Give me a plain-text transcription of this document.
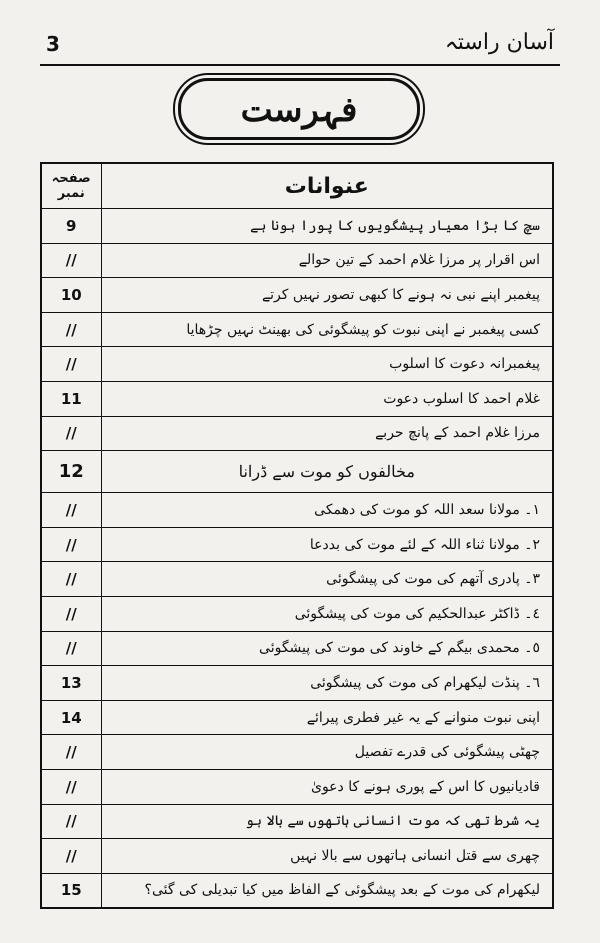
3	آسان راستہ
فہرست
صفحہ نمبر	عنوانات
9	سچ کا بڑا معیار پیشگویوں کا پورا ہونا ہے
//	اس اقرار پر مرزا غلام احمد کے تین حوالے
10	پیغمبر اپنے نبی نہ ہونے کا کبھی تصور نہیں کرتے
//	کسی پیغمبر نے اپنی نبوت کو پیشگوئی کی بھینٹ نہیں چڑھایا
//	پیغمبرانہ دعوت کا اسلوب
11	غلام احمد کا اسلوب دعوت
//	مرزا غلام احمد کے پانچ حربے
12	مخالفوں کو موت سے ڈرانا
//	١۔ مولانا سعد اللہ کو موت کی دھمکی
//	٢۔ مولانا ثناء اللہ کے لئے موت کی بددعا
//	٣۔ پادری آتھم کی موت کی پیشگوئی
//	٤۔ ڈاکٹر عبدالحکیم کی موت کی پیشگوئی
//	٥۔ محمدی بیگم کے خاوند کی موت کی پیشگوئی
13	٦۔ پنڈت لیکھرام کی موت کی پیشگوئی
14	اپنی نبوت منوانے کے یہ غیر فطری پیرائے
//	چھٹی پیشگوئی کی قدرے تفصیل
//	قادیانیوں کا اس کے پوری ہونے کا دعویٰ
//	یہ شرط تھی کہ موت انسانی ہاتھوں سے بالا ہو
//	چھری سے قتل انسانی ہاتھوں سے بالا نہیں
15	لیکھرام کی موت کے بعد پیشگوئی کے الفاظ میں کیا تبدیلی کی گئی؟
